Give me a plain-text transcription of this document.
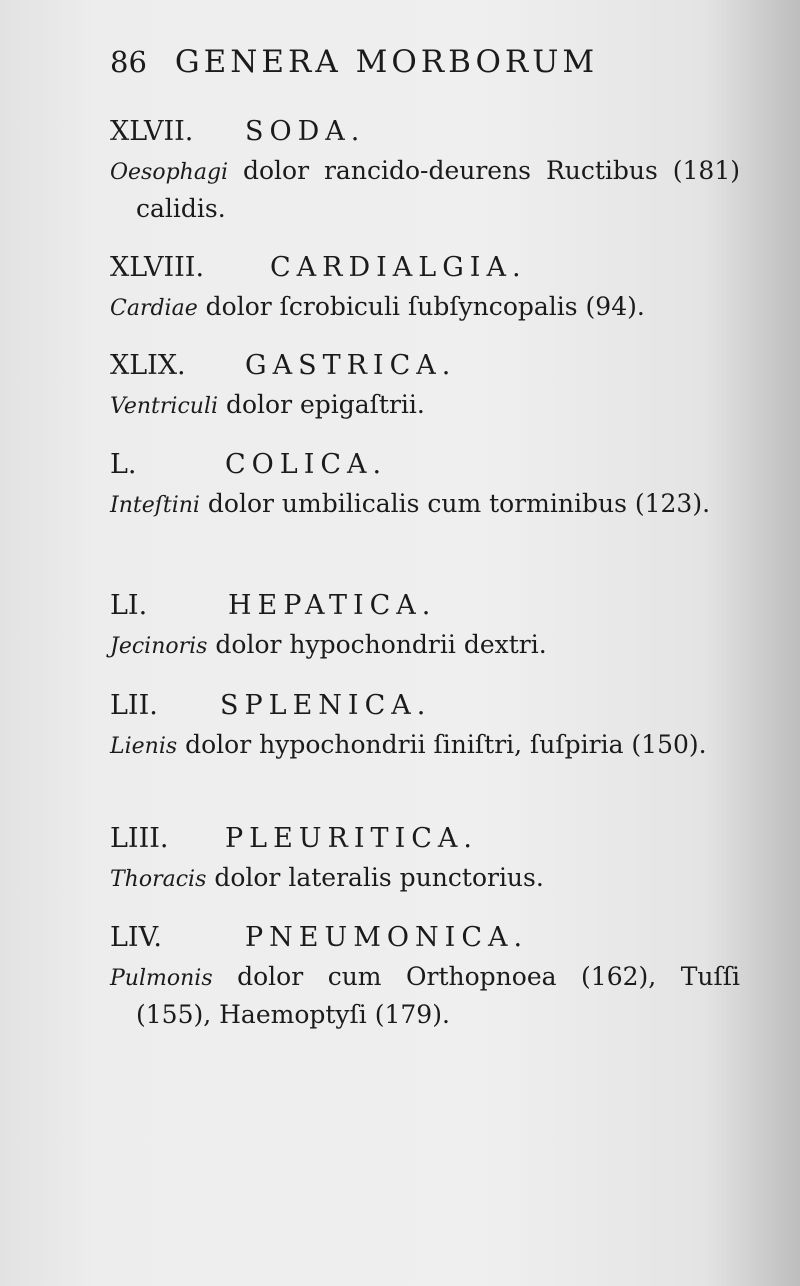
86 GENERA MORBORUM
XLVII.	SODA.
Oesophagi dolor rancido-deurens Ructibus (181) calidis.
XLVIII.	CARDIALGIA.
Cardiae dolor ſcrobiculi ſubſyncopalis (94).
XLIX.	GASTRICA.
Ventriculi dolor epigaſtrii.
L.	COLICA.
Inteſtini dolor umbilicalis cum torminibus (123).
LI.	HEPATICA.
Jecinoris dolor hypochondrii dextri.
LII.	SPLENICA.
Lienis dolor hypochondrii ſiniſtri, ſuſpiria (150).
LIII.	PLEURITICA.
Thoracis dolor lateralis punctorius.
LIV.	PNEUMONICA.
Pulmonis dolor cum Orthopnoea (162), Tuſſi (155), Haemoptyſi (179).
